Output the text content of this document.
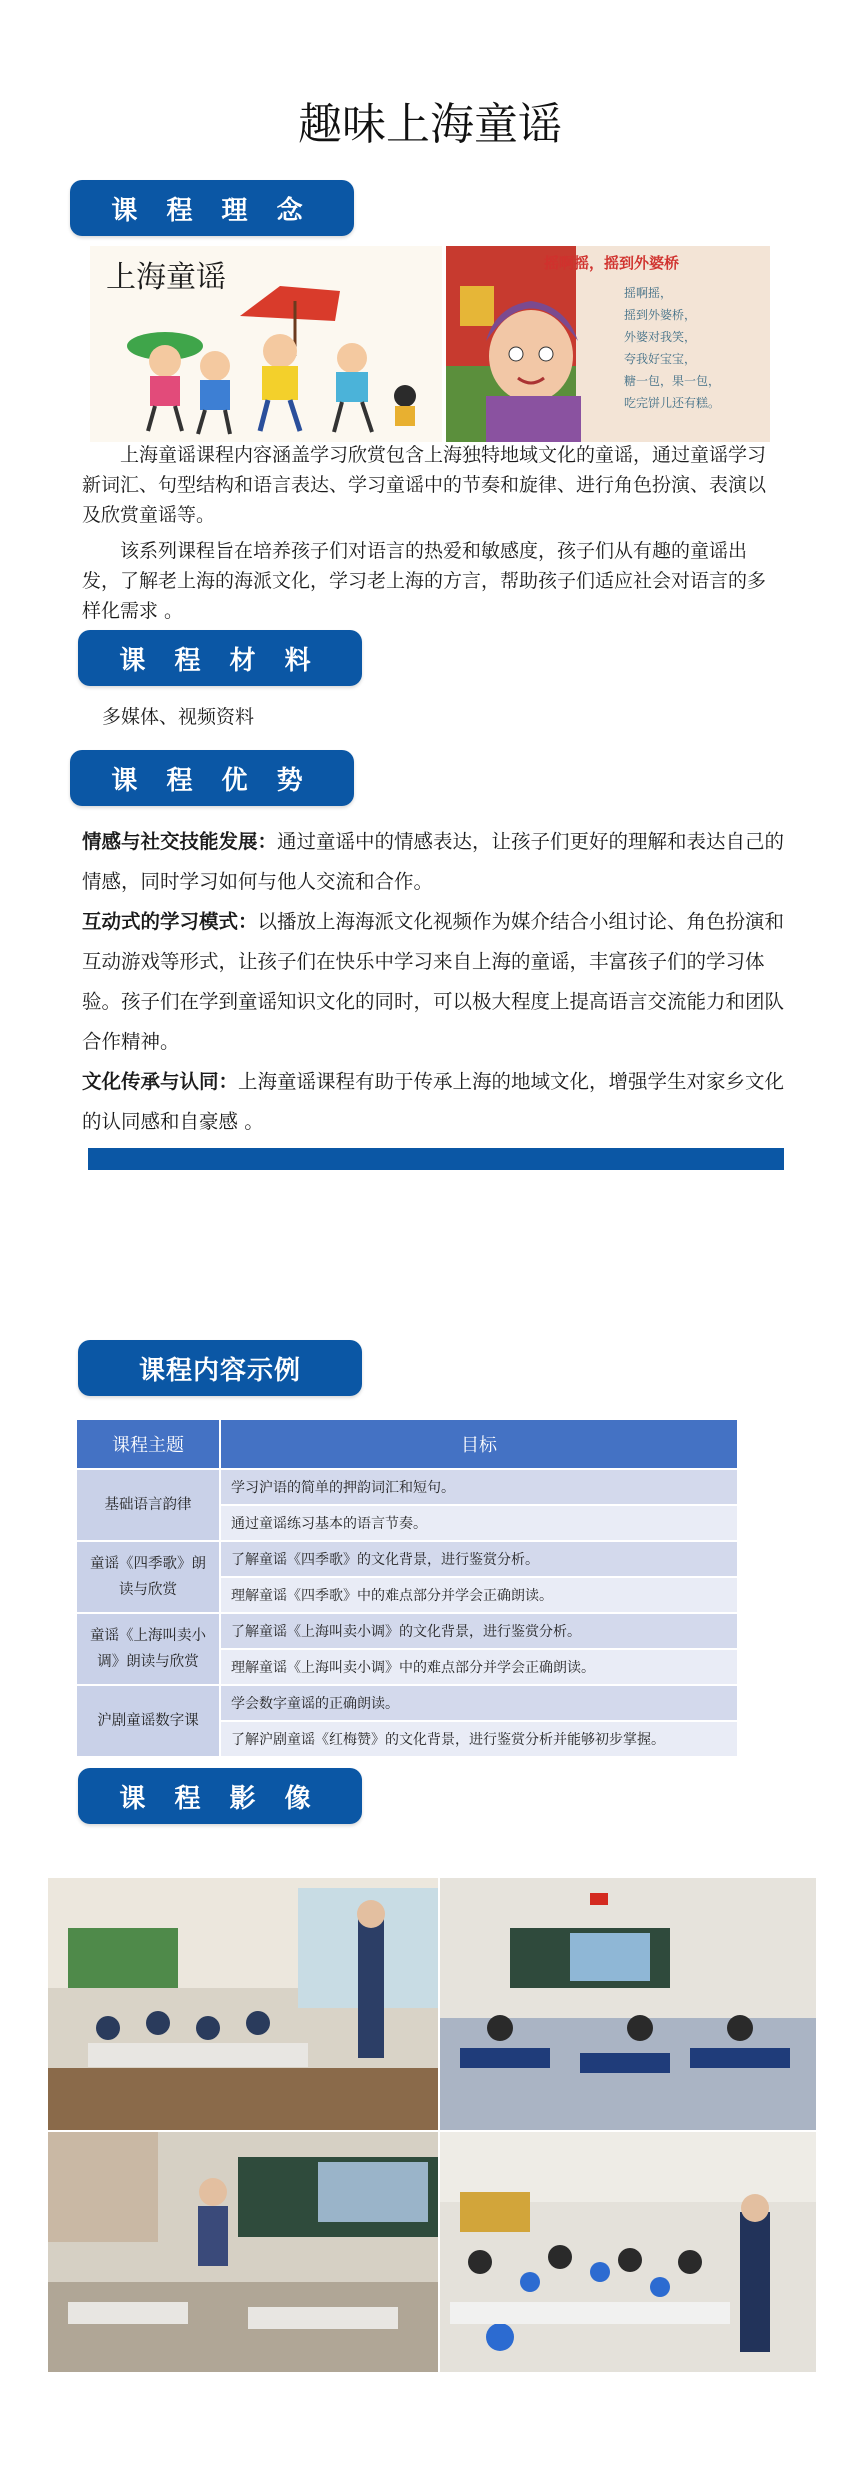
趣味上海童谣
课 程 理 念
上海童谣	摇啊摇，摇到外婆桥
摇啊摇，
摇到外婆桥，
外婆对我笑，
夸我好宝宝，
糖一包，果一包，
吃完饼儿还有糕。
上海童谣课程内容涵盖学习欣赏包含上海独特地域文化的童谣，通过童谣学习新词汇、句型结构和语言表达、学习童谣中的节奏和旋律、进行角色扮演、表演以及欣赏童谣等。
该系列课程旨在培养孩子们对语言的热爱和敏感度，孩子们从有趣的童谣出发，了解老上海的海派文化，学习老上海的方言，帮助孩子们适应社会对语言的多样化需求 。
课 程 材 料
多媒体、视频资料
课 程 优 势
情感与社交技能发展：通过童谣中的情感表达，让孩子们更好的理解和表达自己的情感，同时学习如何与他人交流和合作。
互动式的学习模式：以播放上海海派文化视频作为媒介结合小组讨论、角色扮演和互动游戏等形式，让孩子们在快乐中学习来自上海的童谣，丰富孩子们的学习体验。孩子们在学到童谣知识文化的同时，可以极大程度上提高语言交流能力和团队合作精神。
文化传承与认同：上海童谣课程有助于传承上海的地域文化，增强学生对家乡文化的认同感和自豪感 。
课程内容示例
课程主题	目标
基础语言韵律	学习沪语的简单的押韵词汇和短句。
	通过童谣练习基本的语言节奏。
童谣《四季歌》朗读与欣赏	了解童谣《四季歌》的文化背景，进行鉴赏分析。
	理解童谣《四季歌》中的难点部分并学会正确朗读。
童谣《上海叫卖小调》朗读与欣赏	了解童谣《上海叫卖小调》的文化背景，进行鉴赏分析。
	理解童谣《上海叫卖小调》中的难点部分并学会正确朗读。
沪剧童谣数字课	学会数字童谣的正确朗读。
	了解沪剧童谣《红梅赞》的文化背景，进行鉴赏分析并能够初步掌握。
课 程 影 像
